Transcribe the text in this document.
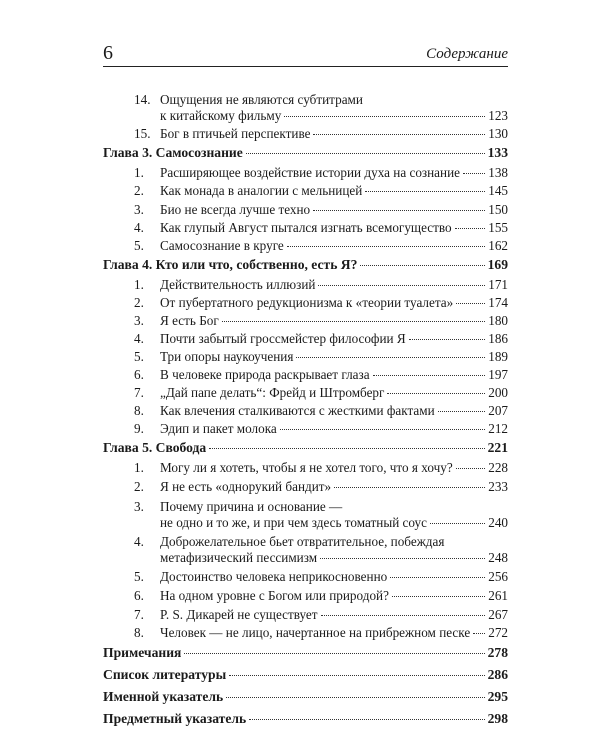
6	Содержание
14. Ощущения не являются субтитрами
к китайскому фильму	123
15. Бог в птичьей перспективе	130
Глава 3. Самосознание	133
1.	Расширяющее воздействие истории духа на сознание 138
2.	Как монада в аналогии с мельницей	145
3.	Био не всегда лучше техно	150
4.	Как глупый Август пытался изгнать всемогущество	155
5.	Самосознание в круге	162
Глава 4. Кто или что, собственно, есть Я?	169
1.	Действительность иллюзий	171
2.	От пубертатного редукционизма к «теории туалета»	174
3.	Я есть Бог	180
4.	Почти забытый гроссмейстер философии Я	186
5.	Три опоры наукоучения	189
6.	В человеке природа раскрывает глаза	197
7.	„Дай папе делать“: Фрейд и Штромберг	200
8.	Как влечения сталкиваются с жесткими фактами	207
9.	Эдип и пакет молока	212
Глава 5. Свобода	221
1.	Могу ли я хотеть, чтобы я не хотел того, что я хочу?	228
2.	Я не есть «однорукий бандит»	233
3.	Почему причина и основание —
не одно и то же, и при чем здесь томатный соус	240
4.	Доброжелательное бьет отвратительное, побеждая
метафизический пессимизм	248
5.	Достоинство человека неприкосновенно	256
6.	На одном уровне с Богом или природой?	261
7.	P. S. Дикарей не существует	267
8.	Человек — не лицо, начертанное на прибрежном песке 272
Примечания	278
Список литературы	286
Именной указатель	295
Предметный указатель	298
